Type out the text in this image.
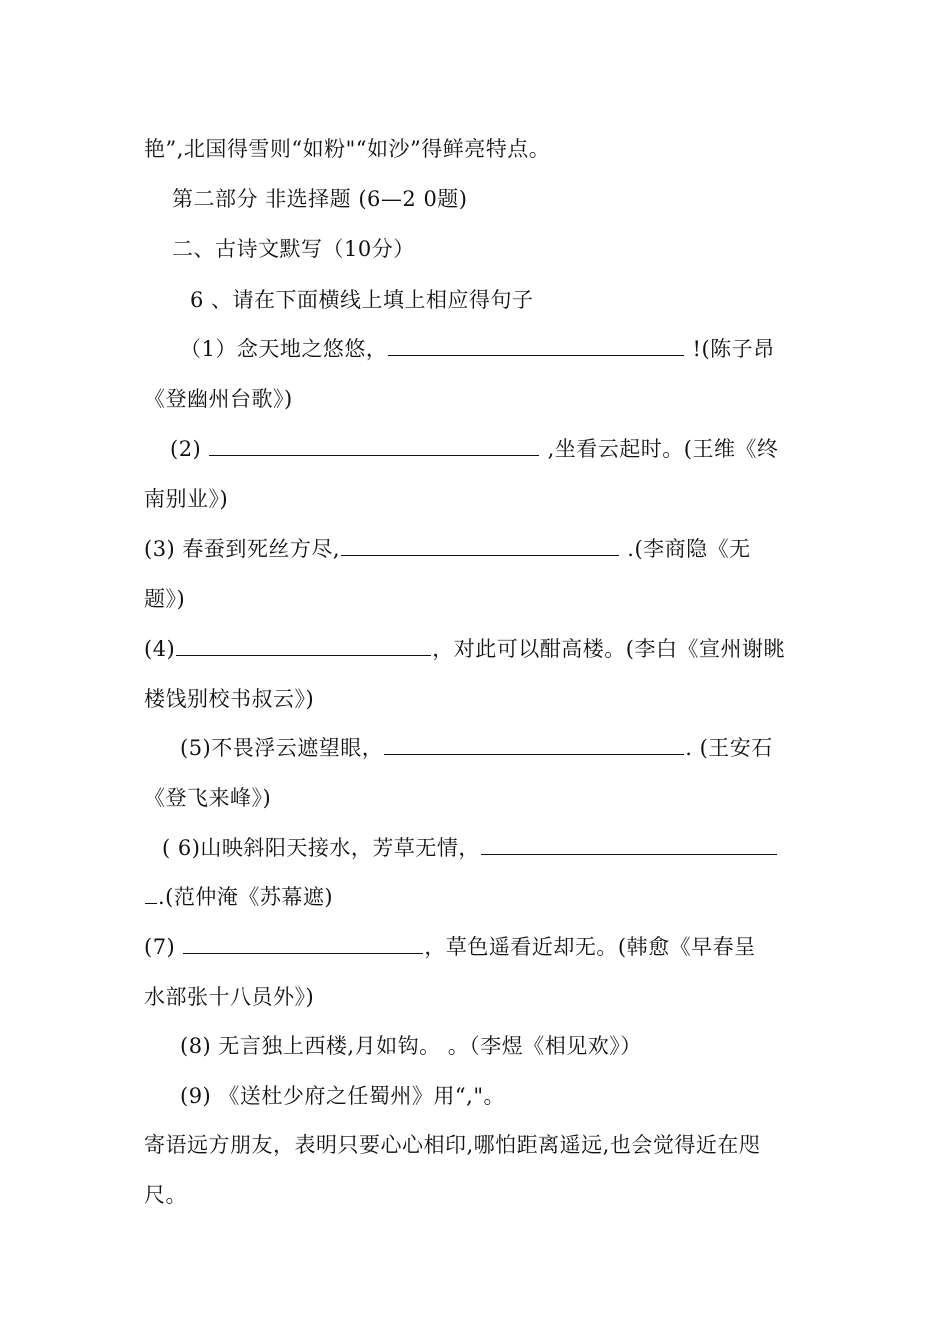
艳”,北国得雪则“如粉"“如沙”得鲜亮特点。
第二部分 非选择题 (6—2 0题)
二、古诗文默写（10分）
6 、请在下面横线上填上相应得句子
（1）念天地之悠悠，	!(陈子昂
《登幽州台歌》)
(2)	,坐看云起时。(王维《终
南别业》)
(3) 春蚕到死丝方尽,	.(李商隐《无
题》)
(4)	，对此可以酣高楼。(李白《宣州谢眺
楼饯别校书叔云》)
(5)不畏浮云遮望眼，	. (王安石
《登飞来峰》)
( 6)山映斜阳天接水，芳草无情，
.(范仲淹《苏幕遮)
(7)	，草色遥看近却无。(韩愈《早春呈
水部张十八员外》)
(8) 无言独上西楼,月如钩。 。（李煜《相见欢》）
(9) 《送杜少府之任蜀州》用“,"。
寄语远方朋友，表明只要心心相印,哪怕距离遥远,也会觉得近在咫
尺。
